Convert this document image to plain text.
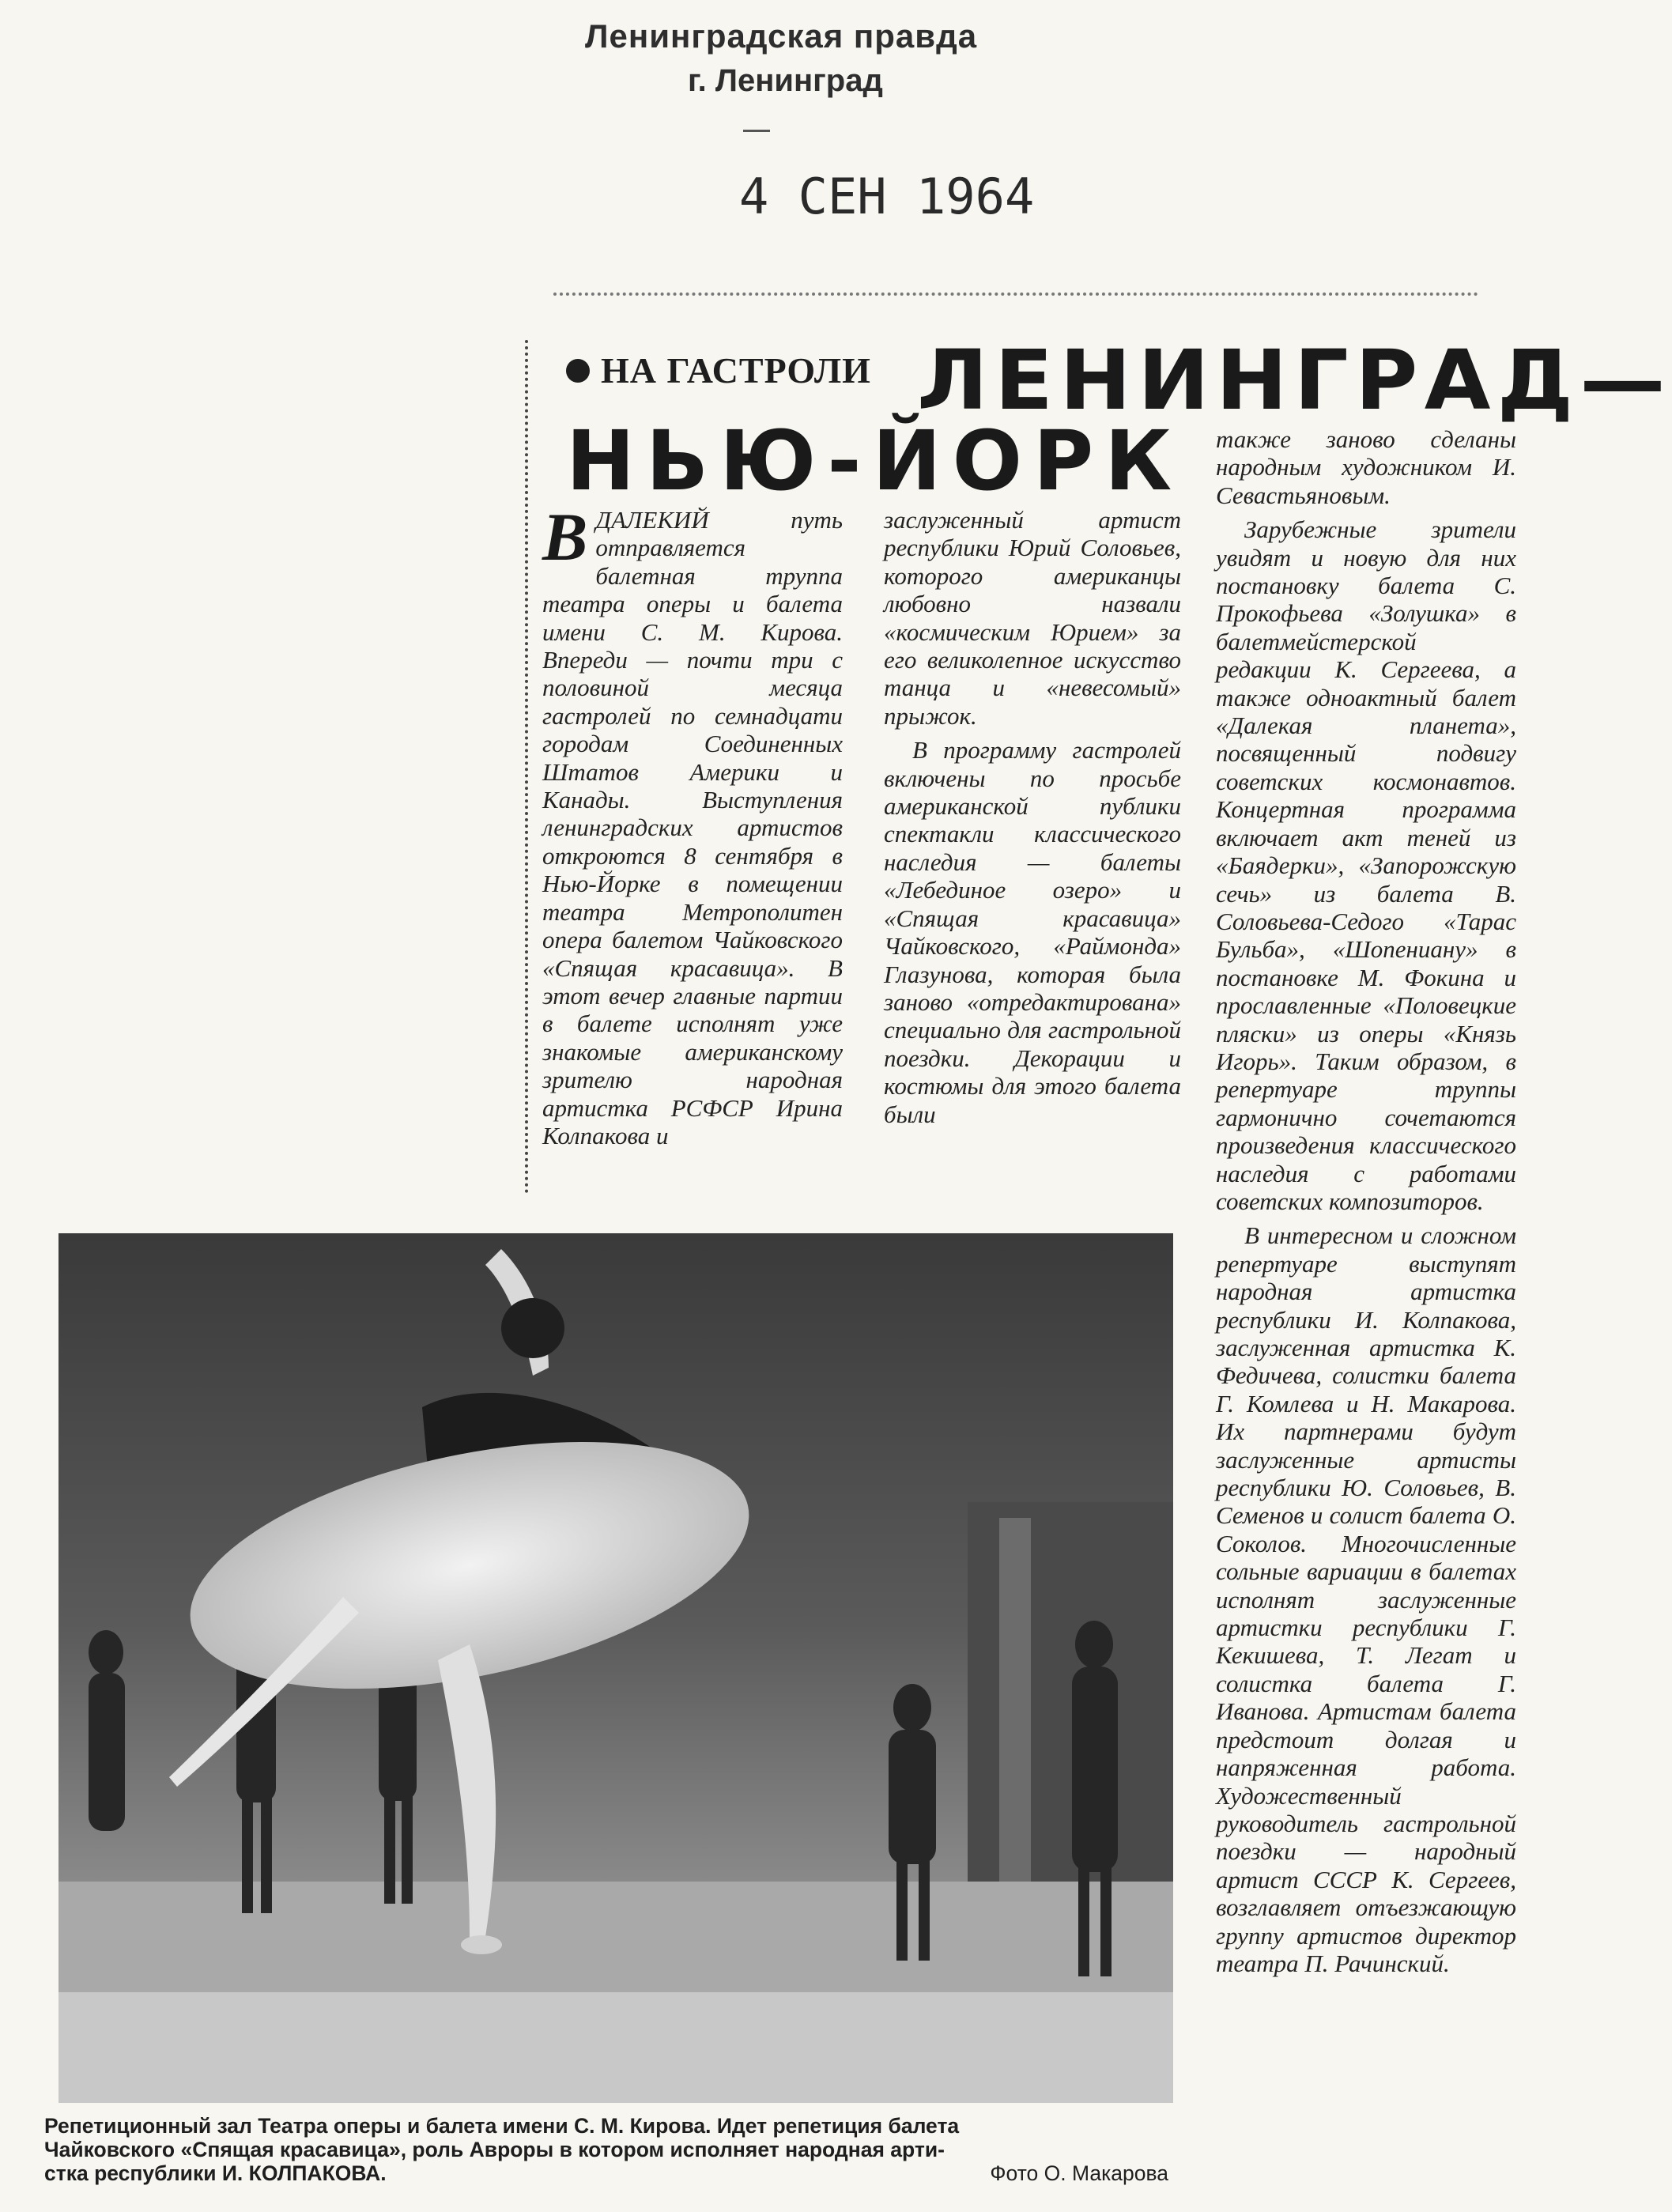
Ленинградская правда
г. Ленинград
4 СЕН 1964
НА ГАСТРОЛИ ЛЕНИНГРАД—
НЬЮ-ЙОРК

ВДАЛЕКИЙ путь отправляется балетная труппа театра оперы и балета имени С. М. Кирова. Впереди — почти три с половиной месяца гастролей по семнадцати городам Соединенных Штатов Америки и Канады. Выступления ленинградских артистов откроются 8 сентября в Нью-Йорке в помещении театра Метрополитен опера балетом Чайковского «Спящая красавица». В этот вечер главные партии в балете исполнят уже знакомые американскому зрителю народная артистка РСФСР Ирина Колпакова и

заслуженный артист республики Юрий Соловьев, которого американцы любовно назвали «космическим Юрием» за его великолепное искусство танца и «невесомый» прыжок.

В программу гастролей включены по просьбе американской публики спектакли классического наследия — балеты «Лебединое озеро» и «Спящая красавица» Чайковского, «Раймонда» Глазунова, которая была заново «отредактирована» специально для гастрольной поездки. Декорации и костюмы для этого балета были

также заново сделаны народным художником И. Севастьяновым.

Зарубежные зрители увидят и новую для них постановку балета С. Прокофьева «Золушка» в балетмейстерской редакции К. Сергеева, а также одноактный балет «Далекая планета», посвященный подвигу советских космонавтов. Концертная программа включает акт теней из «Баядерки», «Запорожскую сечь» из балета В. Соловьева-Седого «Тарас Бульба», «Шопениану» в постановке М. Фокина и прославленные «Половецкие пляски» из оперы «Князь Игорь». Таким образом, в репертуаре труппы гармонично сочетаются произведения классического наследия с работами советских композиторов.

В интересном и сложном репертуаре выступят народная артистка республики И. Колпакова, заслуженная артистка К. Федичева, солистки балета Г. Комлева и Н. Макарова. Их партнерами будут заслуженные артисты республики Ю. Соловьев, В. Семенов и солист балета О. Соколов. Многочисленные сольные вариации в балетах исполнят заслуженные артистки республики Г. Кекишева, Т. Легат и солистка балета Г. Иванова. Артистам балета предстоит долгая и напряженная работа. Художественный руководитель гастрольной поездки — народный артист СССР К. Сергеев, возглавляет отъезжающую группу артистов директор театра П. Рачинский.

Репетиционный зал Театра оперы и балета имени С. М. Кирова. Идет репетиция балета
Чайковского «Спящая красавица», роль Авроры в котором исполняет народная арти-
стка республики И. КОЛПАКОВА.	Фото О. Макарова
